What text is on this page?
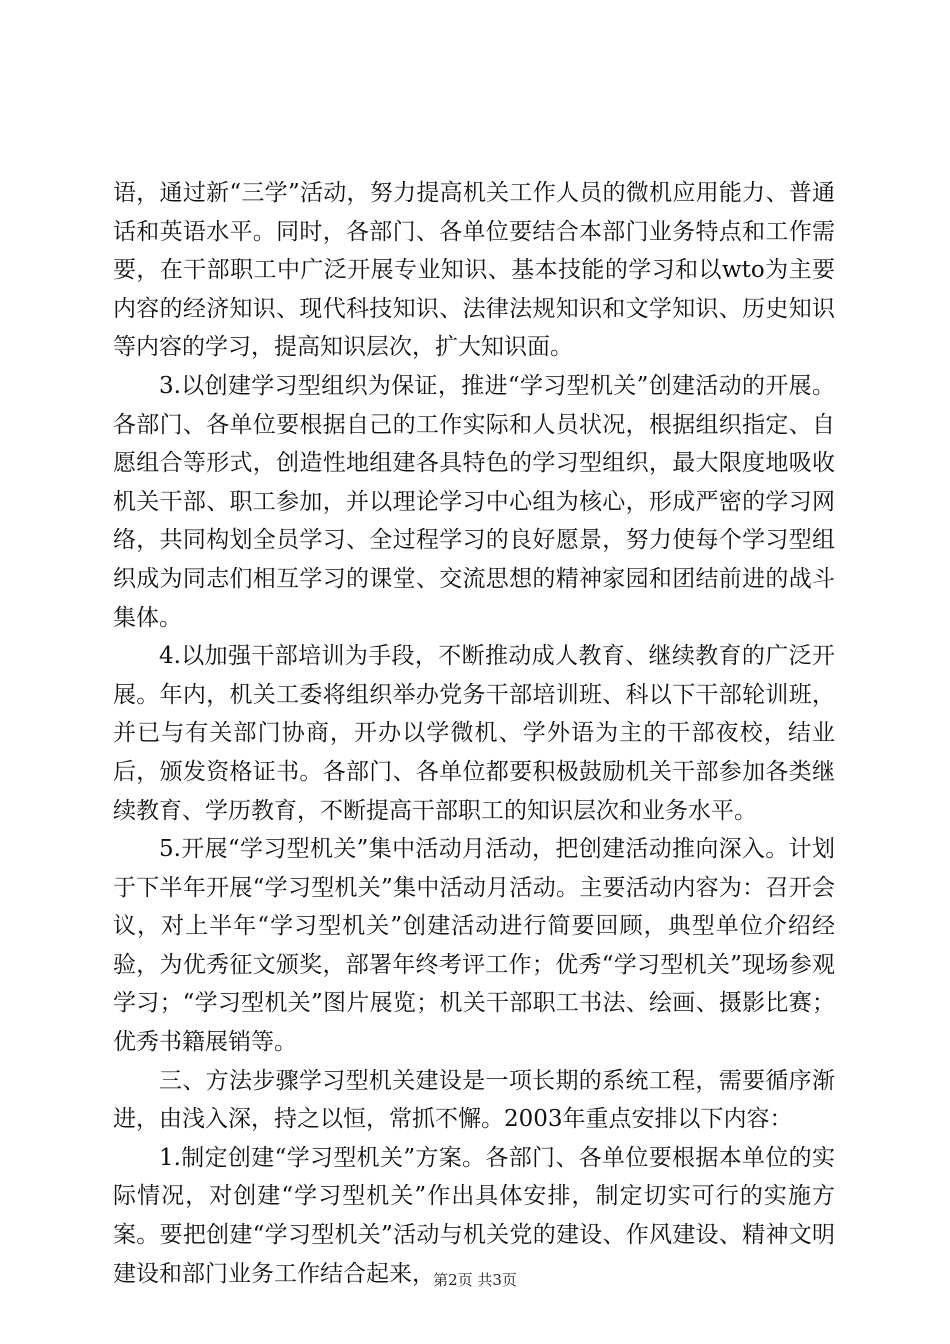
语，通过新“三学”活动，努力提高机关工作人员的微机应用能力、普通话和英语水平。同时，各部门、各单位要结合本部门业务特点和工作需要，在干部职工中广泛开展专业知识、基本技能的学习和以wto为主要内容的经济知识、现代科技知识、法律法规知识和文学知识、历史知识等内容的学习，提高知识层次，扩大知识面。

3.以创建学习型组织为保证，推进“学习型机关”创建活动的开展。各部门、各单位要根据自己的工作实际和人员状况，根据组织指定、自愿组合等形式，创造性地组建各具特色的学习型组织，最大限度地吸收机关干部、职工参加，并以理论学习中心组为核心，形成严密的学习网络，共同构划全员学习、全过程学习的良好愿景，努力使每个学习型组织成为同志们相互学习的课堂、交流思想的精神家园和团结前进的战斗集体。

4.以加强干部培训为手段，不断推动成人教育、继续教育的广泛开展。年内，机关工委将组织举办党务干部培训班、科以下干部轮训班，并已与有关部门协商，开办以学微机、学外语为主的干部夜校，结业后，颁发资格证书。各部门、各单位都要积极鼓励机关干部参加各类继续教育、学历教育，不断提高干部职工的知识层次和业务水平。

5.开展“学习型机关”集中活动月活动，把创建活动推向深入。计划于下半年开展“学习型机关”集中活动月活动。主要活动内容为：召开会议，对上半年“学习型机关”创建活动进行简要回顾，典型单位介绍经验，为优秀征文颁奖，部署年终考评工作；优秀“学习型机关”现场参观学习；“学习型机关”图片展览；机关干部职工书法、绘画、摄影比赛；优秀书籍展销等。

三、方法步骤学习型机关建设是一项长期的系统工程，需要循序渐进，由浅入深，持之以恒，常抓不懈。2003年重点安排以下内容：

1.制定创建“学习型机关”方案。各部门、各单位要根据本单位的实际情况，对创建“学习型机关”作出具体安排，制定切实可行的实施方案。要把创建“学习型机关”活动与机关党的建设、作风建设、精神文明建设和部门业务工作结合起来，

第2页 共3页
